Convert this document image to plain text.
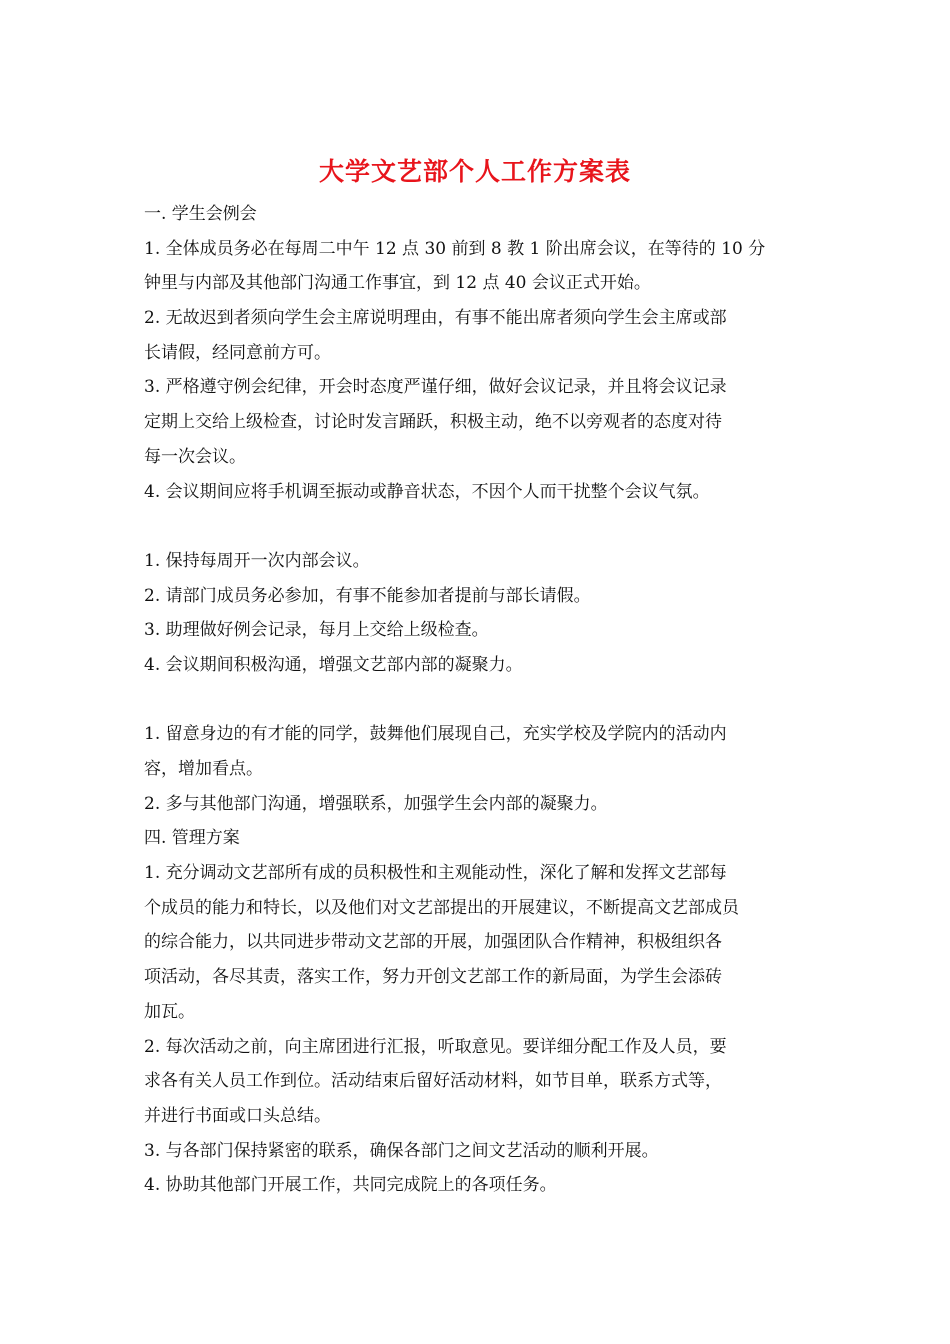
大学文艺部个人工作方案表
一. 学生会例会
1. 全体成员务必在每周二中午 12 点 30 前到 8 教 1 阶出席会议，在等待的 10 分
钟里与内部及其他部门沟通工作事宜，到 12 点 40 会议正式开始。
2. 无故迟到者须向学生会主席说明理由，有事不能出席者须向学生会主席或部
长请假，经同意前方可。
3. 严格遵守例会纪律，开会时态度严谨仔细，做好会议记录，并且将会议记录
定期上交给上级检查，讨论时发言踊跃，积极主动，绝不以旁观者的态度对待
每一次会议。
4. 会议期间应将手机调至振动或静音状态，不因个人而干扰整个会议气氛。
1. 保持每周开一次内部会议。
2. 请部门成员务必参加，有事不能参加者提前与部长请假。
3. 助理做好例会记录，每月上交给上级检查。
4. 会议期间积极沟通，增强文艺部内部的凝聚力。
1. 留意身边的有才能的同学，鼓舞他们展现自己，充实学校及学院内的活动内
容，增加看点。
2. 多与其他部门沟通，增强联系，加强学生会内部的凝聚力。
四. 管理方案
1. 充分调动文艺部所有成的员积极性和主观能动性，深化了解和发挥文艺部每
个成员的能力和特长，以及他们对文艺部提出的开展建议，不断提高文艺部成员
的综合能力，以共同进步带动文艺部的开展，加强团队合作精神，积极组织各
项活动，各尽其责，落实工作，努力开创文艺部工作的新局面，为学生会添砖
加瓦。
2. 每次活动之前，向主席团进行汇报，听取意见。要详细分配工作及人员，要
求各有关人员工作到位。活动结束后留好活动材料，如节目单，联系方式等，
并进行书面或口头总结。
3. 与各部门保持紧密的联系，确保各部门之间文艺活动的顺利开展。
4. 协助其他部门开展工作，共同完成院上的各项任务。
